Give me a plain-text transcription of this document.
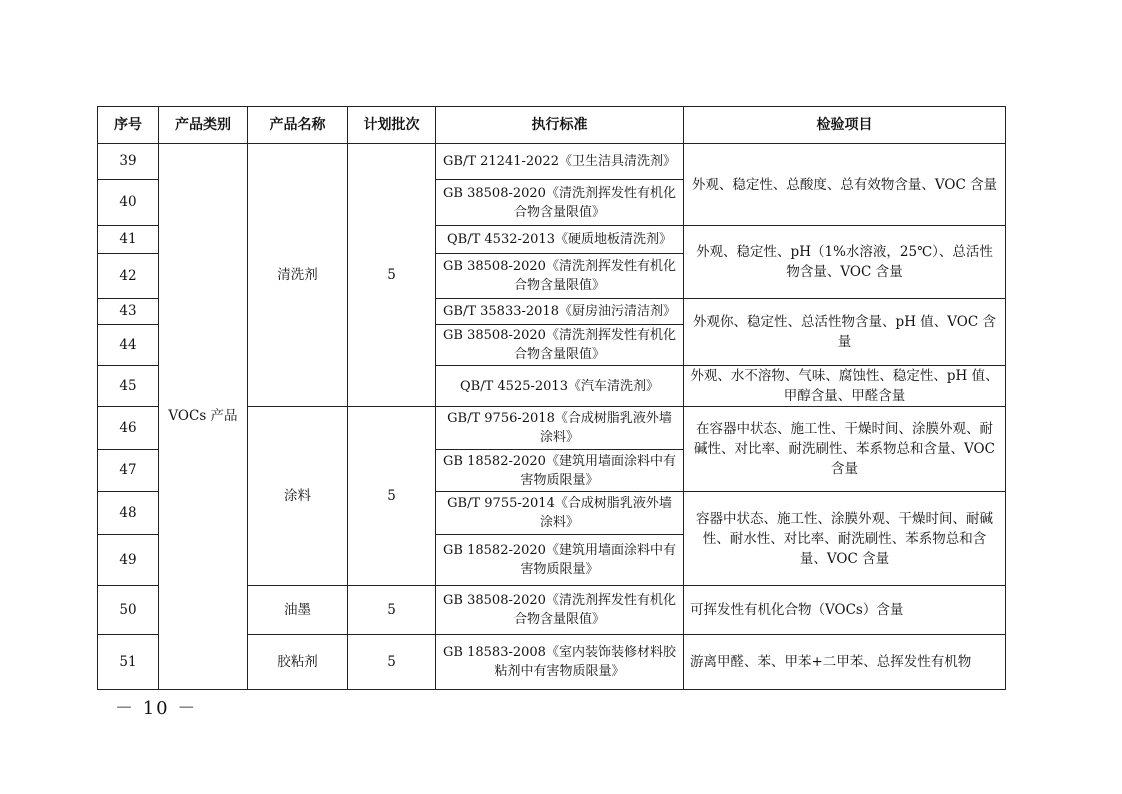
序号	产品类别	产品名称	计划批次	执行标准	检验项目
39	VOCs 产品	清洗剂	5	GB/T 21241-2022《卫生洁具清洗剂》	外观、稳定性、总酸度、总有效物含量、VOC 含量
40				GB 38508-2020《清洗剂挥发性有机化合物含量限值》	
41				QB/T 4532-2013《硬质地板清洗剂》	外观、稳定性、pH（1%水溶液，25℃）、总活性物含量、VOC 含量
42				GB 38508-2020《清洗剂挥发性有机化合物含量限值》	
43				GB/T 35833-2018《厨房油污清洁剂》	外观你、稳定性、总活性物含量、pH 值、VOC 含量
44				GB 38508-2020《清洗剂挥发性有机化合物含量限值》	
45				QB/T 4525-2013《汽车清洗剂》	外观、水不溶物、气味、腐蚀性、稳定性、pH 值、甲醇含量、甲醛含量
46		涂料	5	GB/T 9756-2018《合成树脂乳液外墙涂料》	在容器中状态、施工性、干燥时间、涂膜外观、耐碱性、对比率、耐洗刷性、苯系物总和含量、VOC 含量
47				GB 18582-2020《建筑用墙面涂料中有害物质限量》	
48				GB/T 9755-2014《合成树脂乳液外墙涂料》	容器中状态、施工性、涂膜外观、干燥时间、耐碱性、耐水性、对比率、耐洗刷性、苯系物总和含量、VOC 含量
49				GB 18582-2020《建筑用墙面涂料中有害物质限量》	
50		油墨	5	GB 38508-2020《清洗剂挥发性有机化合物含量限值》	可挥发性有机化合物（VOCs）含量
51		胶粘剂	5	GB 18583-2008《室内装饰装修材料胶粘剂中有害物质限量》	游离甲醛、苯、甲苯+二甲苯、总挥发性有机物
－ 10 －
